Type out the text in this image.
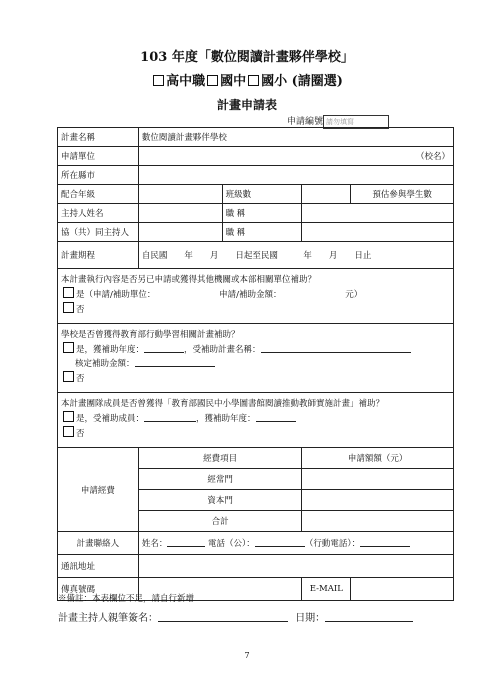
103 年度「數位閱讀計畫夥伴學校」
高中職 國中 國小 (請圈選)
計畫申請表
申請編號 請勿填寫
計畫名稱	數位閱讀計畫夥伴學校			
申請單位	（校名）			
所在縣市				
配合年級		班級數		預估參與學生數
主持人姓名		職 稱		
協（共）同主持人		職 稱		
計畫期程	自民國　　年　　月　　日起至民國　　　年　　月　　日止			

本計畫執行內容是否另已申請或獲得其他機關或本部相關單位補助？
是（申請/補助單位：　　　　　　　　申請/補助金額：　　　　　　　　元）
否				

學校是否曾獲得教育部行動學習相關計畫補助？
是，獲補助年度： ，受補助計畫名稱：
核定補助金額：
否				

本計畫團隊成員是否曾獲得「教育部國民中小學圖書館閱讀推動教師實施計畫」補助？
是，受補助成員： ，獲補助年度：
否				

申請經費	經費項目		申請額額（元）	
	經常門			
	資本門			
	合計			
計畫聯絡人	姓名： 電話（公）： （行動電話）：			
通訊地址				
傳真號碼			E-MAIL	
※備註：本表欄位不足，請自行新增
計畫主持人親筆簽名：	日期：
7
